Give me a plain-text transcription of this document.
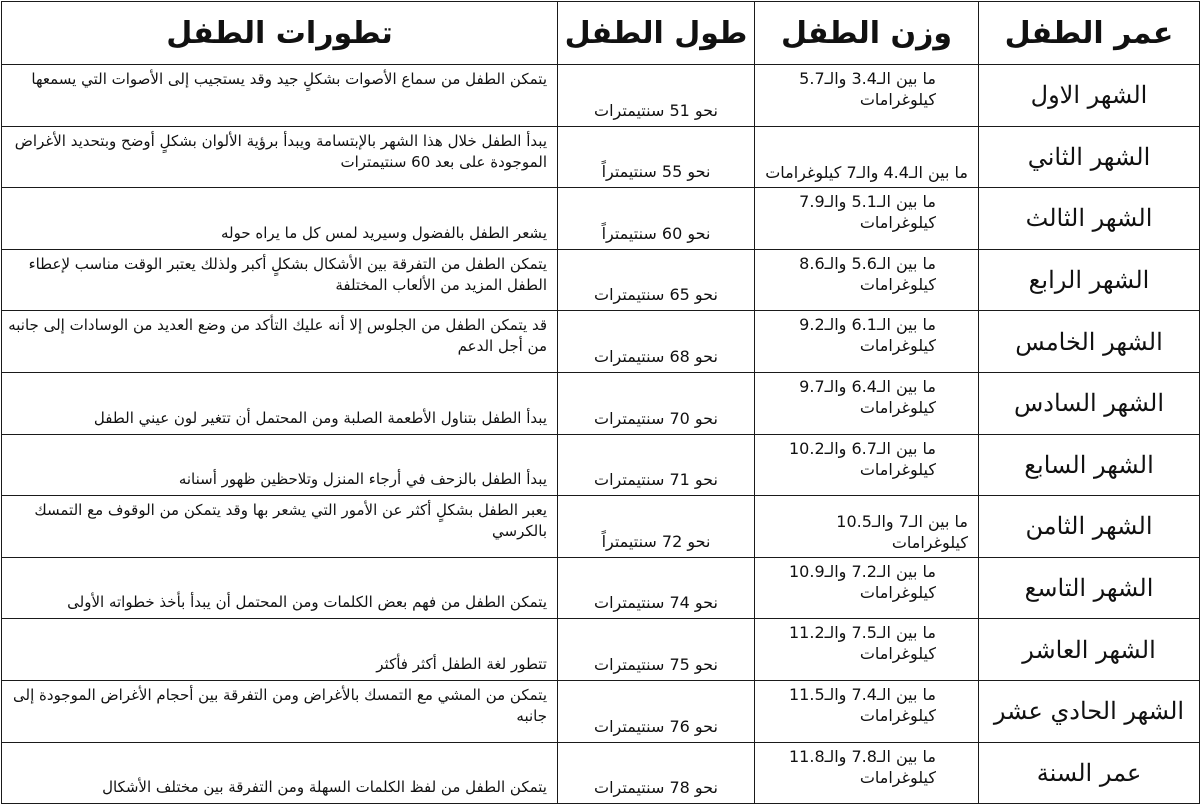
عمر الطفل	وزن الطفل	طول الطفل	تطورات الطفل
الشهر الاول	ما بين الـ3.4 والـ5.7 كيلوغرامات	نحو 51 سنتيمترات	يتمكن الطفل من سماع الأصوات بشكلٍ جيد وقد يستجيب إلى الأصوات التي يسمعها
الشهر الثاني	ما بين الـ4.4 والـ7 كيلوغرامات	نحو 55 سنتيمتراً	يبدأ الطفل خلال هذا الشهر بالإبتسامة ويبدأ برؤية الألوان بشكلٍ أوضح وبتحديد الأغراض الموجودة على بعد 60 سنتيمترات
الشهر الثالث	ما بين الـ5.1 والـ7.9 كيلوغرامات	نحو 60 سنتيمتراً	يشعر الطفل بالفضول وسيريد لمس كل ما يراه حوله
الشهر الرابع	ما بين الـ5.6 والـ8.6 كيلوغرامات	نحو 65 سنتيمترات	يتمكن الطفل من التفرقة بين الأشكال بشكلٍ أكبر ولذلك يعتبر الوقت مناسب لإعطاء الطفل المزيد من الألعاب المختلفة
الشهر الخامس	ما بين الـ6.1 والـ9.2 كيلوغرامات	نحو 68 سنتيمترات	قد يتمكن الطفل من الجلوس إلا أنه عليك التأكد من وضع العديد من الوسادات إلى جانبه من أجل الدعم
الشهر السادس	ما بين الـ6.4 والـ9.7 كيلوغرامات	نحو 70 سنتيمترات	يبدأ الطفل بتناول الأطعمة الصلبة ومن المحتمل أن تتغير لون عيني الطفل
الشهر السابع	ما بين الـ6.7 والـ10.2 كيلوغرامات	نحو 71 سنتيمترات	يبدأ الطفل بالزحف في أرجاء المنزل وتلاحظين ظهور أسنانه
الشهر الثامن	ما بين الـ7 والـ10.5 كيلوغرامات	نحو 72 سنتيمتراً	يعبر الطفل بشكلٍ أكثر عن الأمور التي يشعر بها وقد يتمكن من الوقوف مع التمسك بالكرسي
الشهر التاسع	ما بين الـ7.2 والـ10.9 كيلوغرامات	نحو 74 سنتيمترات	يتمكن الطفل من فهم بعض الكلمات ومن المحتمل أن يبدأ بأخذ خطواته الأولى
الشهر العاشر	ما بين الـ7.5 والـ11.2 كيلوغرامات	نحو 75 سنتيمترات	تتطور لغة الطفل أكثر فأكثر
الشهر الحادي عشر	ما بين الـ7.4 والـ11.5 كيلوغرامات	نحو 76 سنتيمترات	يتمكن من المشي مع التمسك بالأغراض ومن التفرقة بين أحجام الأغراض الموجودة إلى جانبه
عمر السنة	ما بين الـ7.8 والـ11.8 كيلوغرامات	نحو 78 سنتيمترات	يتمكن الطفل من لفظ الكلمات السهلة ومن التفرقة بين مختلف الأشكال
